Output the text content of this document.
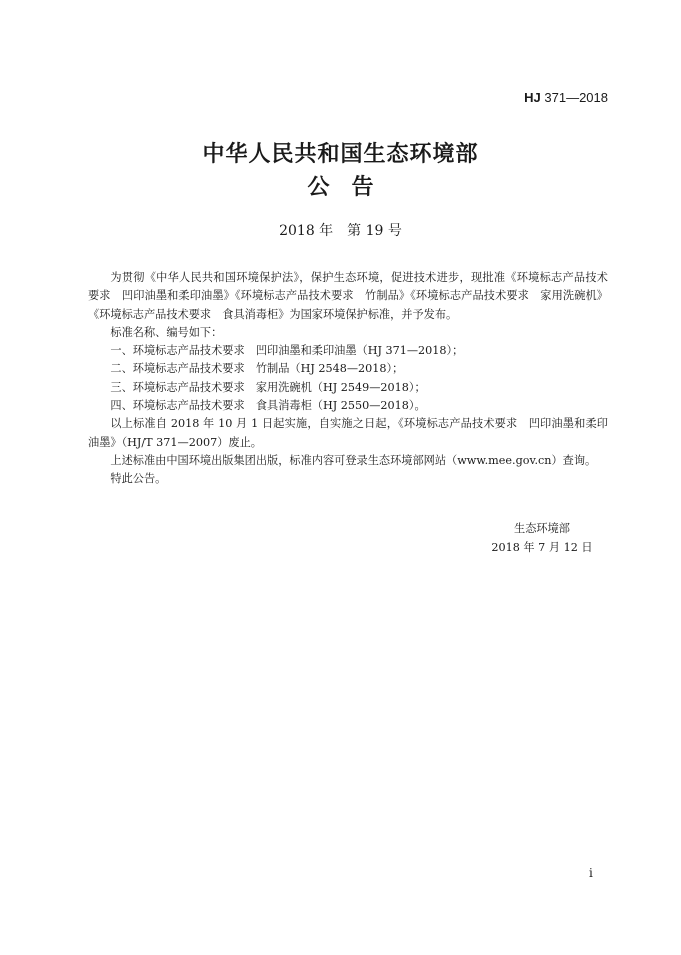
HJ 371—2018
中华人民共和国生态环境部
公　告
2018 年　第 19 号

为贯彻《中华人民共和国环境保护法》，保护生态环境，促进技术进步，现批准《环境标志产品技术要求　凹印油墨和柔印油墨》《环境标志产品技术要求　竹制品》《环境标志产品技术要求　家用洗碗机》《环境标志产品技术要求　食具消毒柜》为国家环境保护标准，并予发布。

标准名称、编号如下：

一、环境标志产品技术要求　凹印油墨和柔印油墨（HJ 371—2018）；

二、环境标志产品技术要求　竹制品（HJ 2548—2018）；

三、环境标志产品技术要求　家用洗碗机（HJ 2549—2018）；

四、环境标志产品技术要求　食具消毒柜（HJ 2550—2018）。

以上标准自 2018 年 10 月 1 日起实施，自实施之日起，《环境标志产品技术要求　凹印油墨和柔印油墨》（HJ/T 371—2007）废止。

上述标准由中国环境出版集团出版，标准内容可登录生态环境部网站（www.mee.gov.cn）查询。

特此公告。

生态环境部
2018 年 7 月 12 日
i
